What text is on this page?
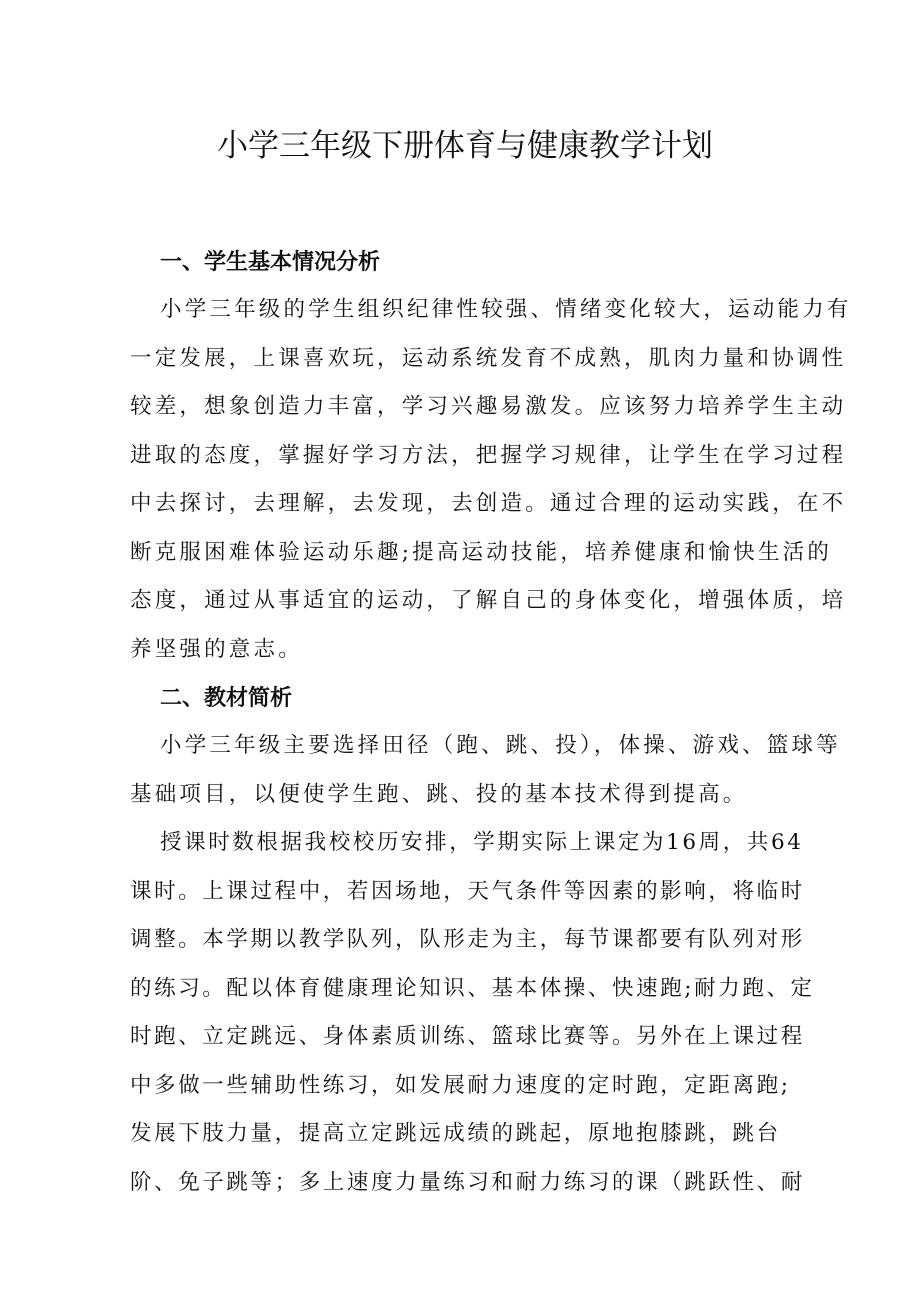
小学三年级下册体育与健康教学计划
一、学生基本情况分析
小学三年级的学生组织纪律性较强、情绪变化较大，运动能力有
一定发展，上课喜欢玩，运动系统发育不成熟，肌肉力量和协调性
较差，想象创造力丰富，学习兴趣易激发。应该努力培养学生主动
进取的态度，掌握好学习方法，把握学习规律，让学生在学习过程
中去探讨，去理解，去发现，去创造。通过合理的运动实践，在不
断克服困难体验运动乐趣;提高运动技能，培养健康和愉快生活的
态度，通过从事适宜的运动，了解自己的身体变化，增强体质，培
养坚强的意志。
二、教材简析
小学三年级主要选择田径（跑、跳、投），体操、游戏、篮球等
基础项目，以便使学生跑、跳、投的基本技术得到提高。
授课时数根据我校校历安排，学期实际上课定为16周，共64
课时。上课过程中，若因场地，天气条件等因素的影响，将临时
调整。本学期以教学队列，队形走为主，每节课都要有队列对形
的练习。配以体育健康理论知识、基本体操、快速跑;耐力跑、定
时跑、立定跳远、身体素质训练、篮球比赛等。另外在上课过程
中多做一些辅助性练习，如发展耐力速度的定时跑，定距离跑;
发展下肢力量，提高立定跳远成绩的跳起，原地抱膝跳，跳台
阶、免子跳等；多上速度力量练习和耐力练习的课（跳跃性、耐
